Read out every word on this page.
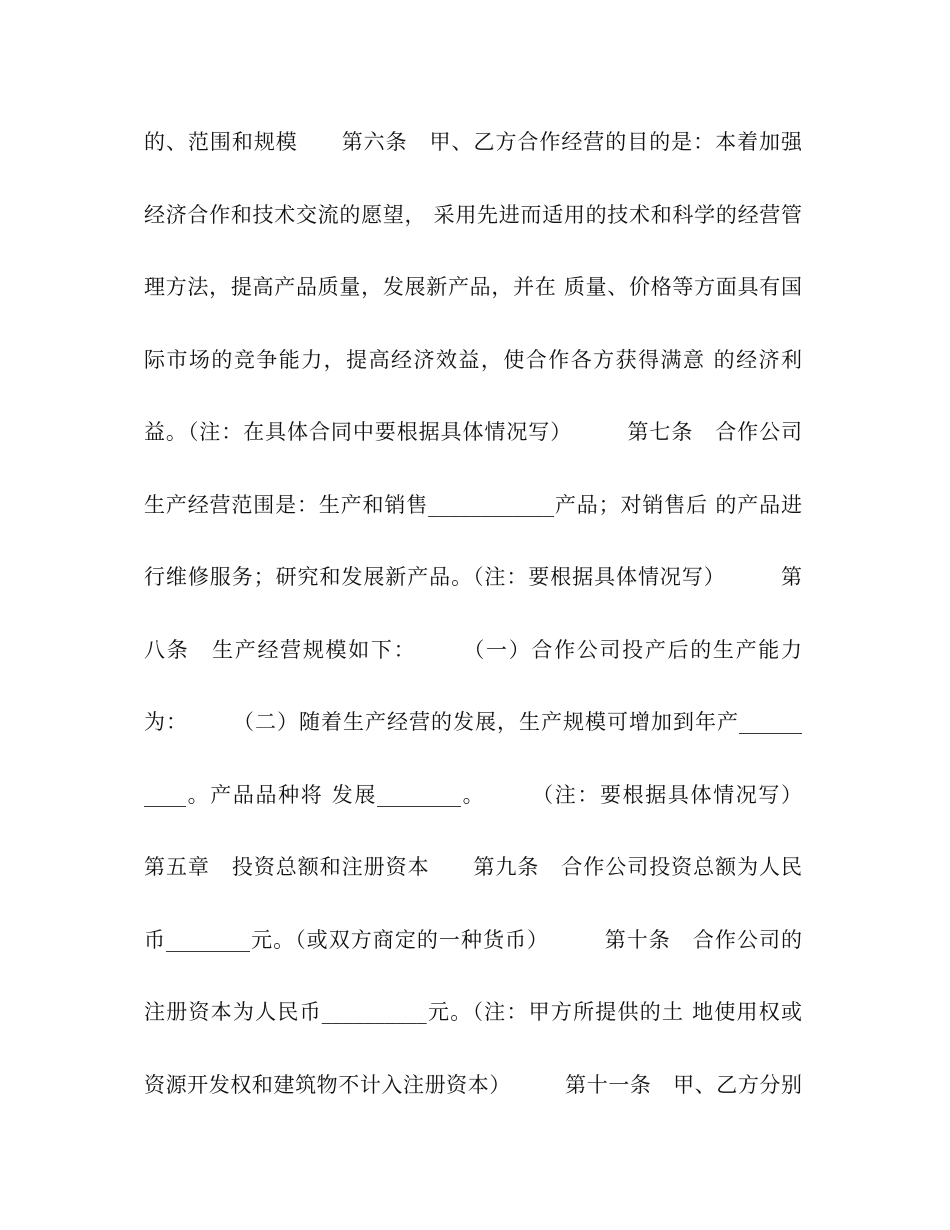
的、范围和规模　　第六条　甲、乙方合作经营的目的是：本着加强
经济合作和技术交流的愿望， 采用先进而适用的技术和科学的经营管
理方法，提高产品质量，发展新产品，并在 质量、价格等方面具有国
际市场的竞争能力，提高经济效益，使合作各方获得满意 的经济利
益。（注：在具体合同中要根据具体情况写）　　　第七条　合作公司
生产经营范围是：生产和销售____________产品；对销售后 的产品进
行维修服务；研究和发展新产品。（注：要根据具体情况写）　　　第
八条　生产经营规模如下：　　　（一）合作公司投产后的生产能力
为：　　　（二）随着生产经营的发展，生产规模可增加到年产______
____。产品品种将 发展________。　　　（注：要根据具体情况写）
第五章　投资总额和注册资本　　第九条　合作公司投资总额为人民
币________元。（或双方商定的一种货币）　　　第十条　合作公司的
注册资本为人民币__________元。（注：甲方所提供的土 地使用权或
资源开发权和建筑物不计入注册资本）　　　第十一条　甲、乙方分别
